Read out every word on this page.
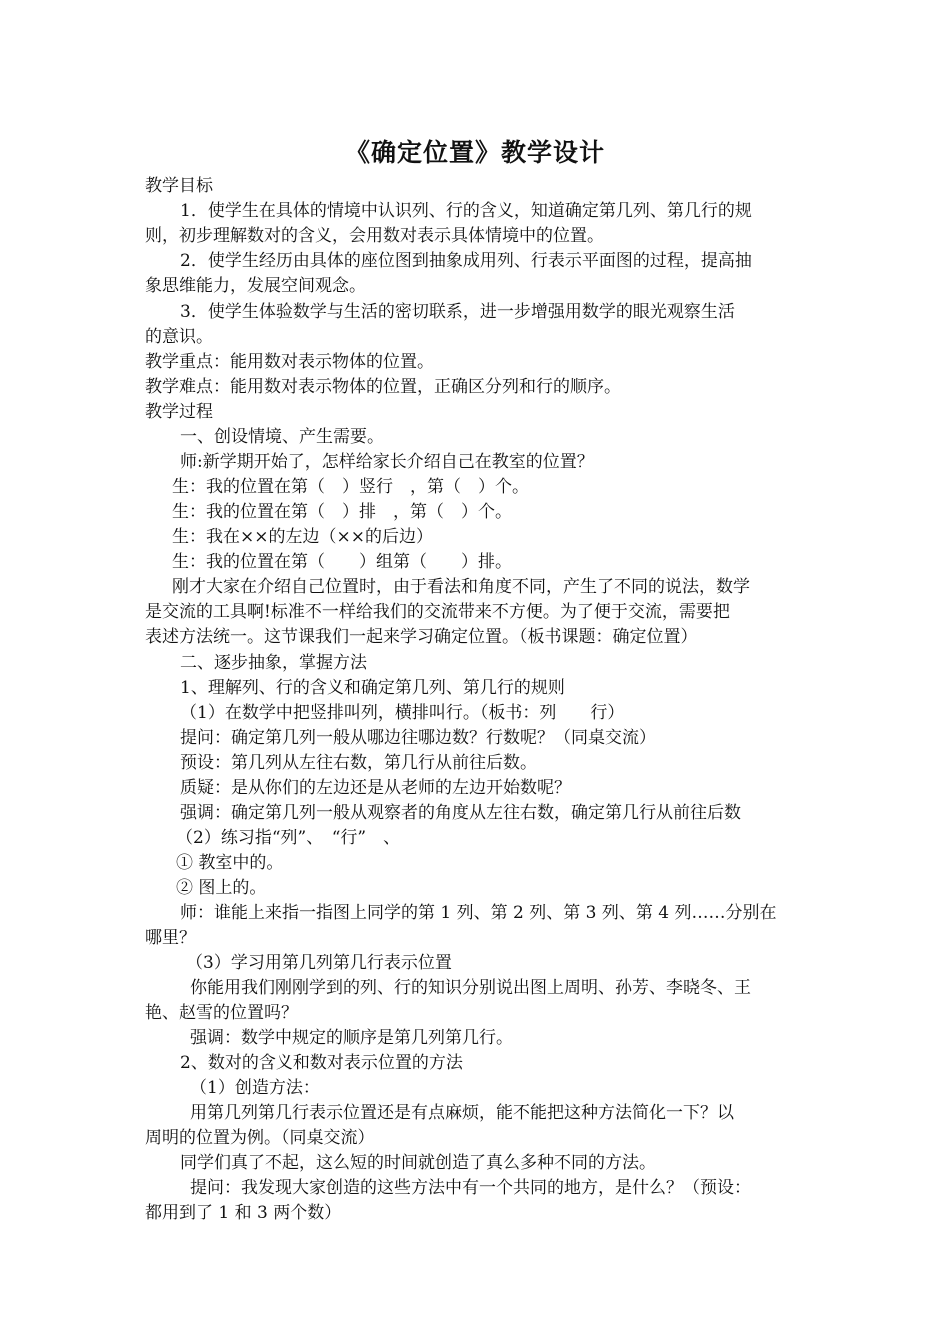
《确定位置》教学设计
教学目标
1．使学生在具体的情境中认识列、行的含义，知道确定第几列、第几行的规
则，初步理解数对的含义，会用数对表示具体情境中的位置。
2．使学生经历由具体的座位图到抽象成用列、行表示平面图的过程，提高抽
象思维能力，发展空间观念。
3．使学生体验数学与生活的密切联系，进一步增强用数学的眼光观察生活
的意识。
教学重点：能用数对表示物体的位置。
教学难点：能用数对表示物体的位置，正确区分列和行的顺序。
教学过程
一、创设情境、产生需要。
师:新学期开始了，怎样给家长介绍自己在教室的位置？
生：我的位置在第（　）竖行　，第（　）个。
生：我的位置在第（　）排　，第（　）个。
生：我在××的左边（××的后边）
生：我的位置在第（　　）组第（　　）排。
刚才大家在介绍自己位置时，由于看法和角度不同，产生了不同的说法，数学
是交流的工具啊!标准不一样给我们的交流带来不方便。为了便于交流，需要把
表述方法统一。这节课我们一起来学习确定位置。（板书课题：确定位置）
二、逐步抽象，掌握方法
1、理解列、行的含义和确定第几列、第几行的规则
（1）在数学中把竖排叫列，横排叫行。（板书：列　　行）
提问：确定第几列一般从哪边往哪边数？行数呢？（同桌交流）
预设：第几列从左往右数，第几行从前往后数。
质疑：是从你们的左边还是从老师的左边开始数呢？
强调：确定第几列一般从观察者的角度从左往右数，确定第几行从前往后数
（2）练习指“列”、　“行”　、
① 教室中的。
② 图上的。
师：谁能上来指一指图上同学的第 1 列、第 2 列、第 3 列、第 4 列……分别在
哪里？
（3）学习用第几列第几行表示位置
你能用我们刚刚学到的列、行的知识分别说出图上周明、孙芳、李晓冬、王
艳、赵雪的位置吗？
强调：数学中规定的顺序是第几列第几行。
2、数对的含义和数对表示位置的方法
（1）创造方法：
用第几列第几行表示位置还是有点麻烦，能不能把这种方法简化一下？以
周明的位置为例。（同桌交流）
同学们真了不起，这么短的时间就创造了真么多种不同的方法。
提问：我发现大家创造的这些方法中有一个共同的地方，是什么？（预设：
都用到了 1 和 3 两个数）
